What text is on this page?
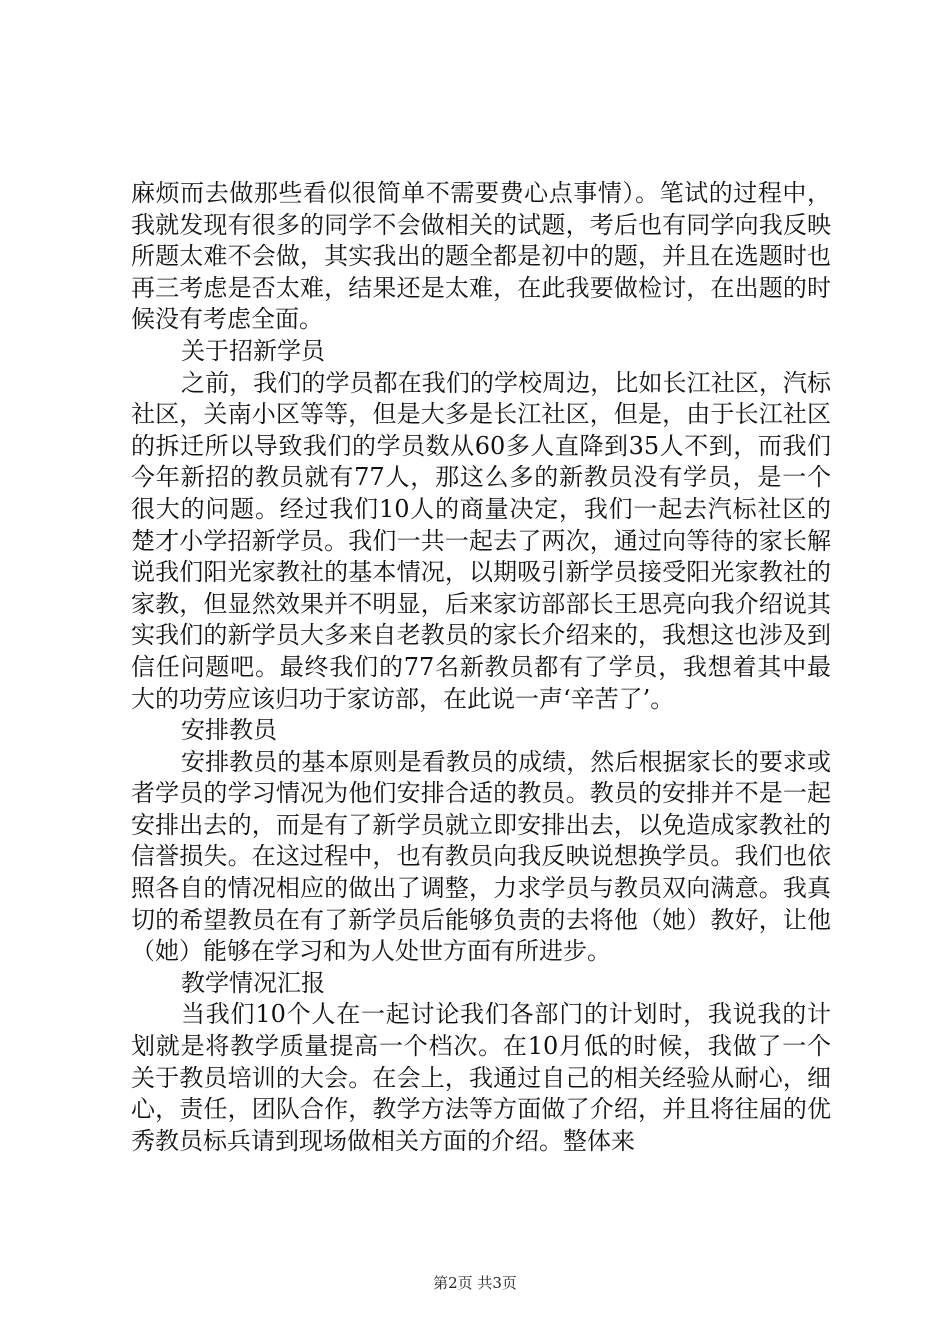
麻烦而去做那些看似很简单不需要费心点事情）。笔试的过程中，我就发现有很多的同学不会做相关的试题，考后也有同学向我反映所题太难不会做，其实我出的题全都是初中的题，并且在选题时也再三考虑是否太难，结果还是太难，在此我要做检讨，在出题的时候没有考虑全面。

关于招新学员

之前，我们的学员都在我们的学校周边，比如长江社区，汽标社区，关南小区等等，但是大多是长江社区，但是，由于长江社区的拆迁所以导致我们的学员数从60多人直降到35人不到，而我们今年新招的教员就有77人，那这么多的新教员没有学员，是一个很大的问题。经过我们10人的商量决定，我们一起去汽标社区的楚才小学招新学员。我们一共一起去了两次，通过向等待的家长解说我们阳光家教社的基本情况，以期吸引新学员接受阳光家教社的家教，但显然效果并不明显，后来家访部部长王思亮向我介绍说其实我们的新学员大多来自老教员的家长介绍来的，我想这也涉及到信任问题吧。最终我们的77名新教员都有了学员，我想着其中最大的功劳应该归功于家访部，在此说一声‘辛苦了’。

安排教员

安排教员的基本原则是看教员的成绩，然后根据家长的要求或者学员的学习情况为他们安排合适的教员。教员的安排并不是一起安排出去的，而是有了新学员就立即安排出去，以免造成家教社的信誉损失。在这过程中，也有教员向我反映说想换学员。我们也依照各自的情况相应的做出了调整，力求学员与教员双向满意。我真切的希望教员在有了新学员后能够负责的去将他（她）教好，让他（她）能够在学习和为人处世方面有所进步。

教学情况汇报

当我们10个人在一起讨论我们各部门的计划时，我说我的计划就是将教学质量提高一个档次。在10月低的时候，我做了一个关于教员培训的大会。在会上，我通过自己的相关经验从耐心，细心，责任，团队合作，教学方法等方面做了介绍，并且将往届的优秀教员标兵请到现场做相关方面的介绍。整体来

第2页 共3页
